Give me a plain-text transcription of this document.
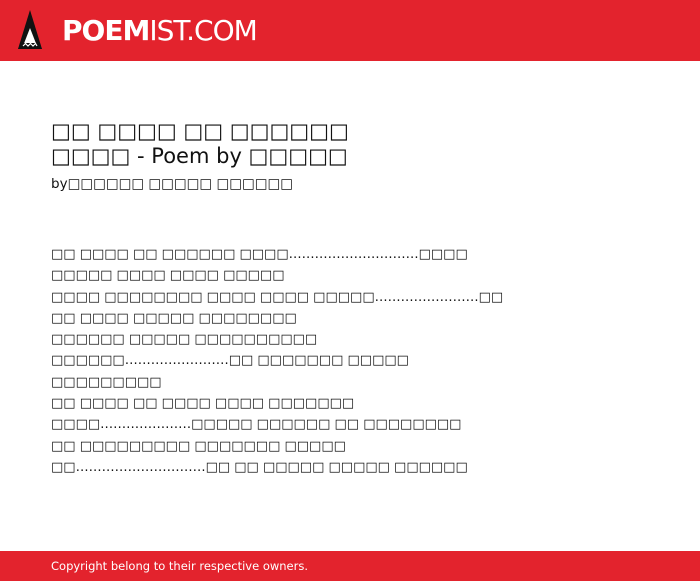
POEMIST.COM
□□ □□□□ □□ □□□□□□ □□□□ - Poem by □□□□□
by□□□□□□ □□□□□ □□□□□□
□□ □□□□ □□ □□□□□□ □□□□…………………………□□□□
□□□□□ □□□□ □□□□ □□□□□
□□□□ □□□□□□□□ □□□□ □□□□ □□□□□……………………□□
□□ □□□□ □□□□□ □□□□□□□□
□□□□□□ □□□□□ □□□□□□□□□□
□□□□□□……………………□□ □□□□□□□ □□□□□
□□□□□□□□□
□□ □□□□ □□ □□□□ □□□□ □□□□□□□
□□□□…………………□□□□□ □□□□□□ □□ □□□□□□□□
□□ □□□□□□□□□ □□□□□□□ □□□□□
□□…………………………□□ □□ □□□□□ □□□□□ □□□□□□
Copyright belong to their respective owners.
